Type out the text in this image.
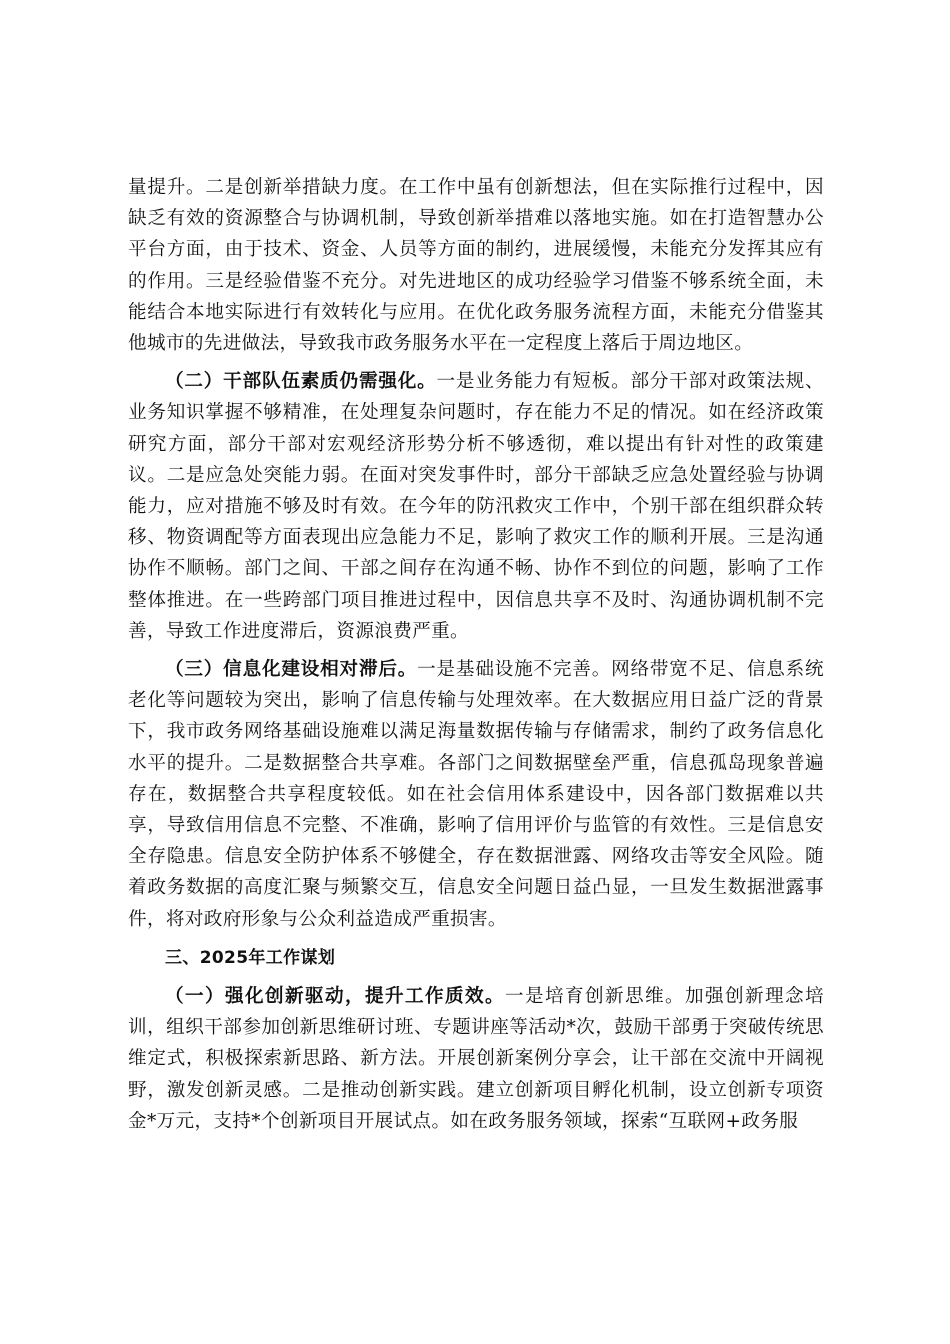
量提升。二是创新举措缺力度。在工作中虽有创新想法，但在实际推行过程中，因缺乏有效的资源整合与协调机制，导致创新举措难以落地实施。如在打造智慧办公平台方面，由于技术、资金、人员等方面的制约，进展缓慢，未能充分发挥其应有的作用。三是经验借鉴不充分。对先进地区的成功经验学习借鉴不够系统全面，未能结合本地实际进行有效转化与应用。在优化政务服务流程方面，未能充分借鉴其他城市的先进做法，导致我市政务服务水平在一定程度上落后于周边地区。

（二）干部队伍素质仍需强化。一是业务能力有短板。部分干部对政策法规、业务知识掌握不够精准，在处理复杂问题时，存在能力不足的情况。如在经济政策研究方面，部分干部对宏观经济形势分析不够透彻，难以提出有针对性的政策建议。二是应急处突能力弱。在面对突发事件时，部分干部缺乏应急处置经验与协调能力，应对措施不够及时有效。在今年的防汛救灾工作中，个别干部在组织群众转移、物资调配等方面表现出应急能力不足，影响了救灾工作的顺利开展。三是沟通协作不顺畅。部门之间、干部之间存在沟通不畅、协作不到位的问题，影响了工作整体推进。在一些跨部门项目推进过程中，因信息共享不及时、沟通协调机制不完善，导致工作进度滞后，资源浪费严重。

（三）信息化建设相对滞后。一是基础设施不完善。网络带宽不足、信息系统老化等问题较为突出，影响了信息传输与处理效率。在大数据应用日益广泛的背景下，我市政务网络基础设施难以满足海量数据传输与存储需求，制约了政务信息化水平的提升。二是数据整合共享难。各部门之间数据壁垒严重，信息孤岛现象普遍存在，数据整合共享程度较低。如在社会信用体系建设中，因各部门数据难以共享，导致信用信息不完整、不准确，影响了信用评价与监管的有效性。三是信息安全存隐患。信息安全防护体系不够健全，存在数据泄露、网络攻击等安全风险。随着政务数据的高度汇聚与频繁交互，信息安全问题日益凸显，一旦发生数据泄露事件，将对政府形象与公众利益造成严重损害。

三、2025年工作谋划

（一）强化创新驱动，提升工作质效。一是培育创新思维。加强创新理念培训，组织干部参加创新思维研讨班、专题讲座等活动*次，鼓励干部勇于突破传统思维定式，积极探索新思路、新方法。开展创新案例分享会，让干部在交流中开阔视野，激发创新灵感。二是推动创新实践。建立创新项目孵化机制，设立创新专项资金*万元，支持*个创新项目开展试点。如在政务服务领域，探索“互联网+政务服
